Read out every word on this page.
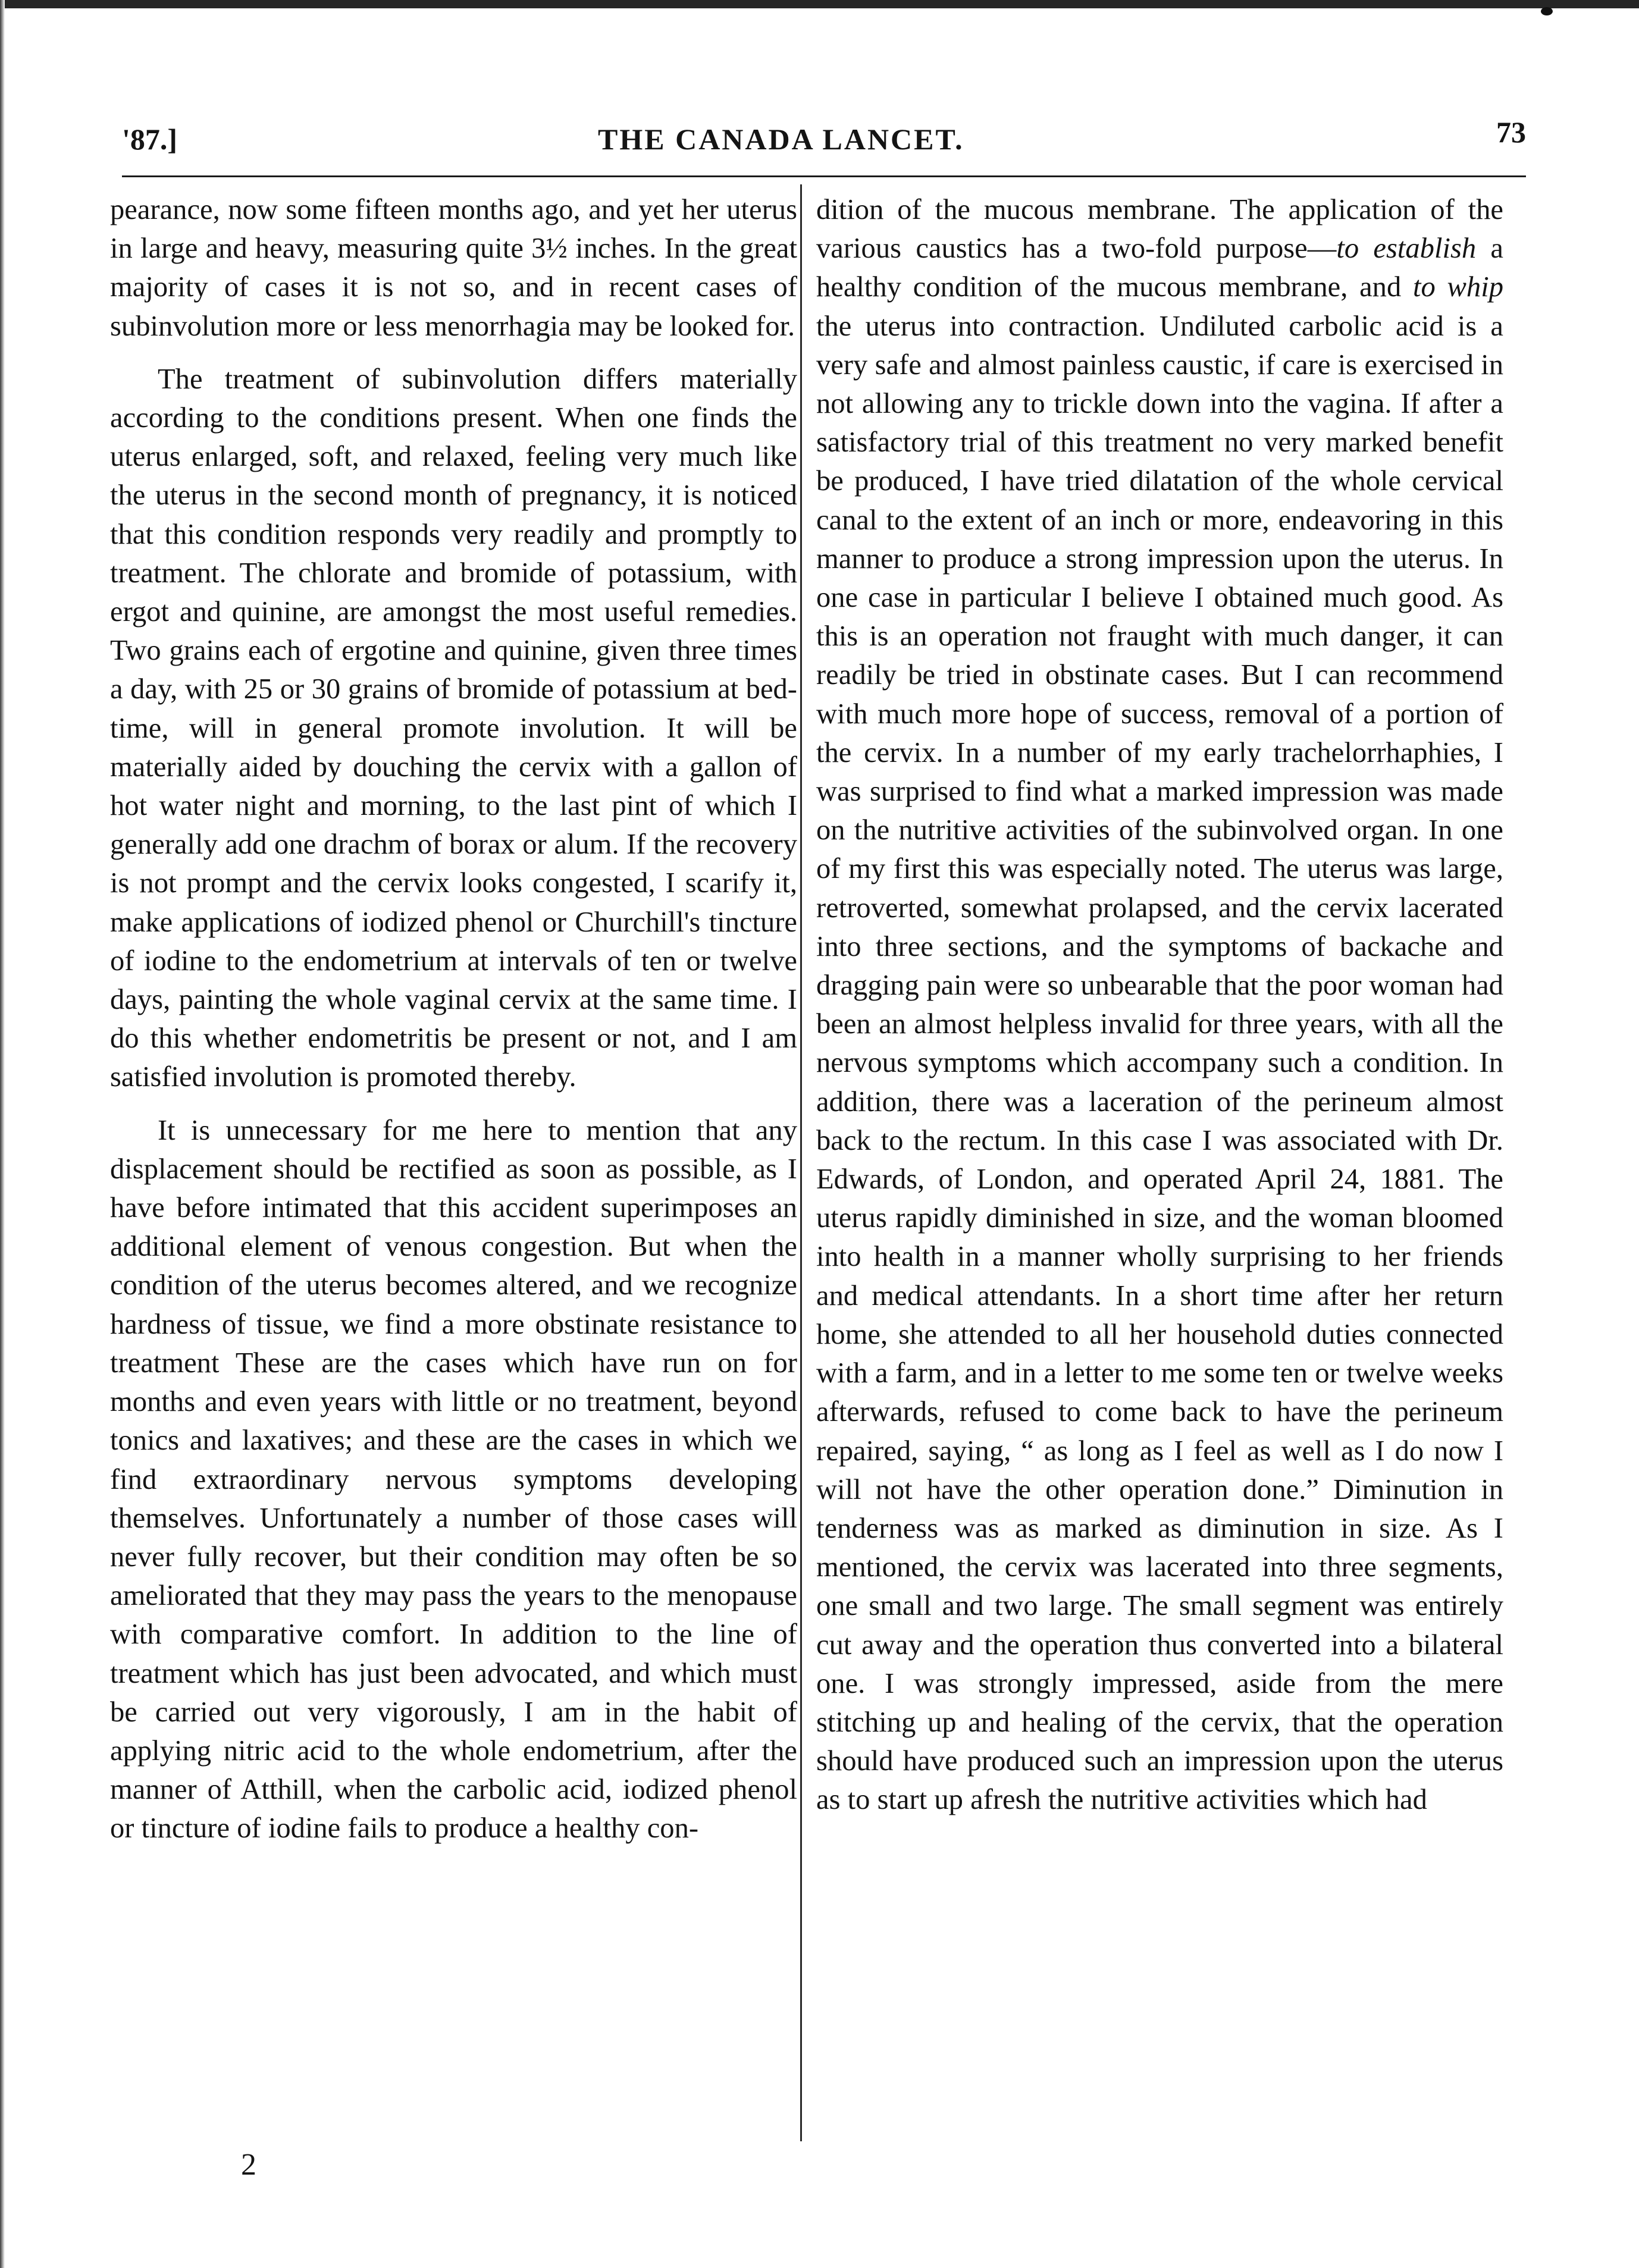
'87.]	THE CANADA LANCET.	73

pearance, now some fifteen months ago, and yet her uterus in large and heavy, measuring quite 3½ inches. In the great majority of cases it is not so, and in recent cases of subinvolution more or less menorrhagia may be looked for.

The treatment of subinvolution differs materially according to the conditions present. When one finds the uterus enlarged, soft, and relaxed, feeling very much like the uterus in the second month of pregnancy, it is noticed that this condition responds very readily and promptly to treatment. The chlorate and bromide of potassium, with ergot and quinine, are amongst the most useful remedies. Two grains each of ergotine and quinine, given three times a day, with 25 or 30 grains of bromide of potassium at bed-time, will in general promote involution. It will be materially aided by douching the cervix with a gallon of hot water night and morning, to the last pint of which I generally add one drachm of borax or alum. If the recovery is not prompt and the cervix looks congested, I scarify it, make applications of iodized phenol or Churchill's tincture of iodine to the endometrium at intervals of ten or twelve days, painting the whole vaginal cervix at the same time. I do this whether endometritis be present or not, and I am satisfied involution is promoted thereby.

It is unnecessary for me here to mention that any displacement should be rectified as soon as possible, as I have before intimated that this accident superimposes an additional element of venous congestion. But when the condition of the uterus becomes altered, and we recognize hardness of tissue, we find a more obstinate resistance to treatment These are the cases which have run on for months and even years with little or no treatment, beyond tonics and laxatives; and these are the cases in which we find extraordinary nervous symptoms developing themselves. Unfortunately a number of those cases will never fully recover, but their condition may often be so ameliorated that they may pass the years to the menopause with comparative comfort. In addition to the line of treatment which has just been advocated, and which must be carried out very vigorously, I am in the habit of applying nitric acid to the whole endometrium, after the manner of Atthill, when the carbolic acid, iodized phenol or tincture of iodine fails to produce a healthy con-

dition of the mucous membrane. The application of the various caustics has a two-fold purpose—to establish a healthy condition of the mucous membrane, and to whip the uterus into contraction. Undiluted carbolic acid is a very safe and almost painless caustic, if care is exercised in not allowing any to trickle down into the vagina. If after a satisfactory trial of this treatment no very marked benefit be produced, I have tried dilatation of the whole cervical canal to the extent of an inch or more, endeavoring in this manner to produce a strong impression upon the uterus. In one case in particular I believe I obtained much good. As this is an operation not fraught with much danger, it can readily be tried in obstinate cases. But I can recommend with much more hope of success, removal of a portion of the cervix. In a number of my early trachelorrhaphies, I was surprised to find what a marked impression was made on the nutritive activities of the subinvolved organ. In one of my first this was especially noted. The uterus was large, retroverted, somewhat prolapsed, and the cervix lacerated into three sections, and the symptoms of backache and dragging pain were so unbearable that the poor woman had been an almost helpless invalid for three years, with all the nervous symptoms which accompany such a condition. In addition, there was a laceration of the perineum almost back to the rectum. In this case I was associated with Dr. Edwards, of London, and operated April 24, 1881. The uterus rapidly diminished in size, and the woman bloomed into health in a manner wholly surprising to her friends and medical attendants. In a short time after her return home, she attended to all her household duties connected with a farm, and in a letter to me some ten or twelve weeks afterwards, refused to come back to have the perineum repaired, saying, “ as long as I feel as well as I do now I will not have the other operation done.” Diminution in tenderness was as marked as diminution in size. As I mentioned, the cervix was lacerated into three segments, one small and two large. The small segment was entirely cut away and the operation thus converted into a bilateral one. I was strongly impressed, aside from the mere stitching up and healing of the cervix, that the operation should have produced such an impression upon the uterus as to start up afresh the nutritive activities which had

2
